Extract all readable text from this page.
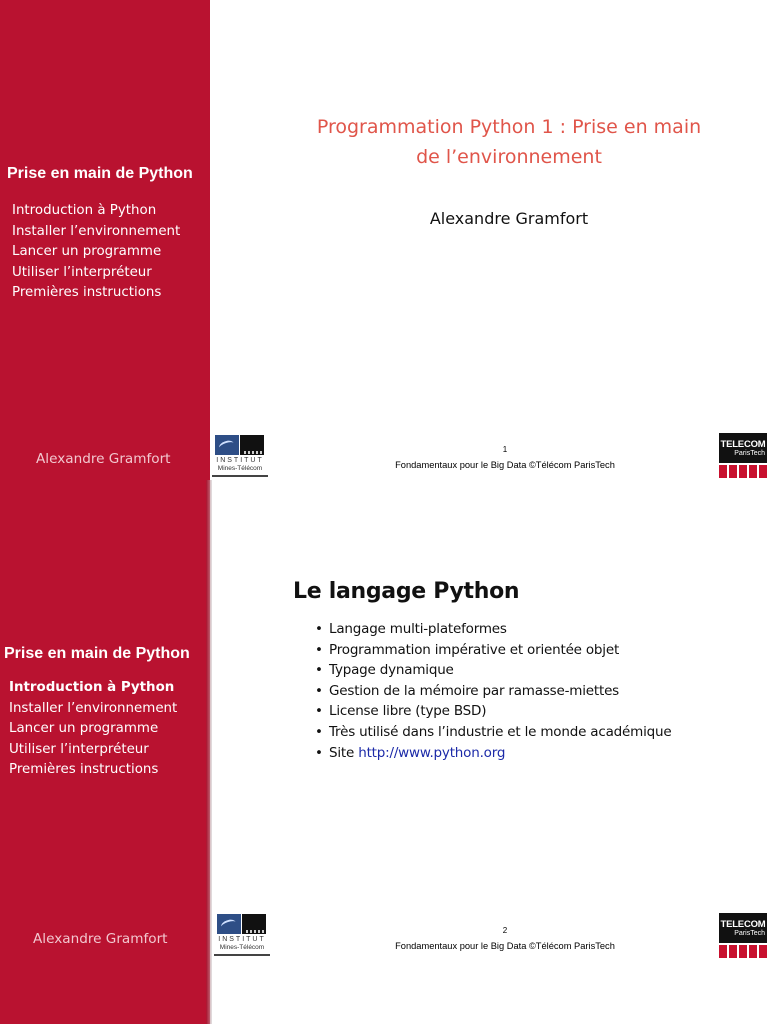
Prise en main de Python
Introduction à Python
Installer l’environnement
Lancer un programme
Utiliser l’interpréteur
Premières instructions
Alexandre Gramfort
Programmation Python 1 : Prise en main
de l’environnement
Alexandre Gramfort
INSTITUT
Mines-Télécom
1
Fondamentaux pour le Big Data ©Télécom ParisTech
TELECOM
ParisTech
Prise en main de Python
Introduction à Python
Installer l’environnement
Lancer un programme
Utiliser l’interpréteur
Premières instructions
Alexandre Gramfort
Le langage Python
• Langage multi-plateformes
• Programmation impérative et orientée objet
• Typage dynamique
• Gestion de la mémoire par ramasse-miettes
• License libre (type BSD)
• Très utilisé dans l’industrie et le monde académique
• Site http://www.python.org
INSTITUT
Mines-Télécom
2
Fondamentaux pour le Big Data ©Télécom ParisTech
TELECOM
ParisTech
